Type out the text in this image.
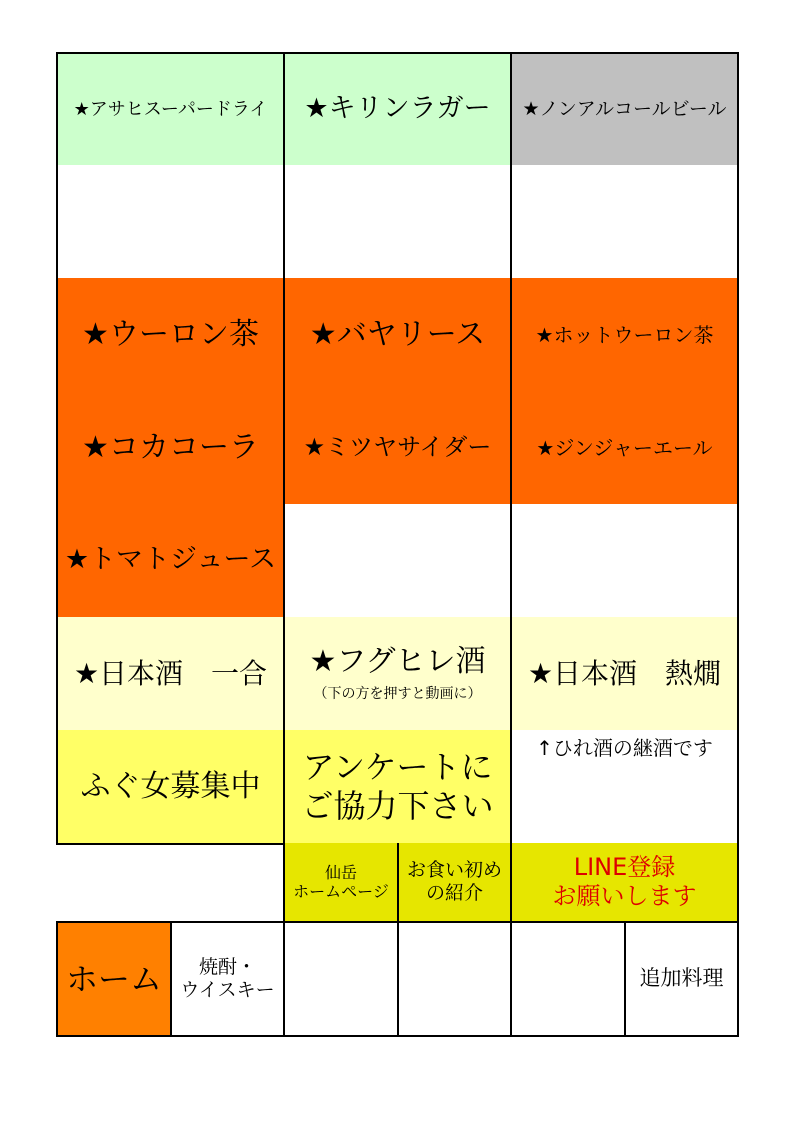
★アサヒスーパードライ ★キリンラガー ★ノンアルコールビール
★ウーロン茶 ★バヤリース	★ホットウーロン茶
★コカコーラ ★ミツヤサイダー ★ジンジャーエール
★トマトジュース
★日本酒　一合 ★フグヒレ酒
（下の方を押すと動画に）
★日本酒　熱燗
ふぐ女募集中 アンケートに
ご協力下さい
↑ひれ酒の継酒です
仙岳
ホームページ
お食い初め
の紹介
LINE登録
お願いします
ホーム 焼酎・
ウイスキー	追加料理
